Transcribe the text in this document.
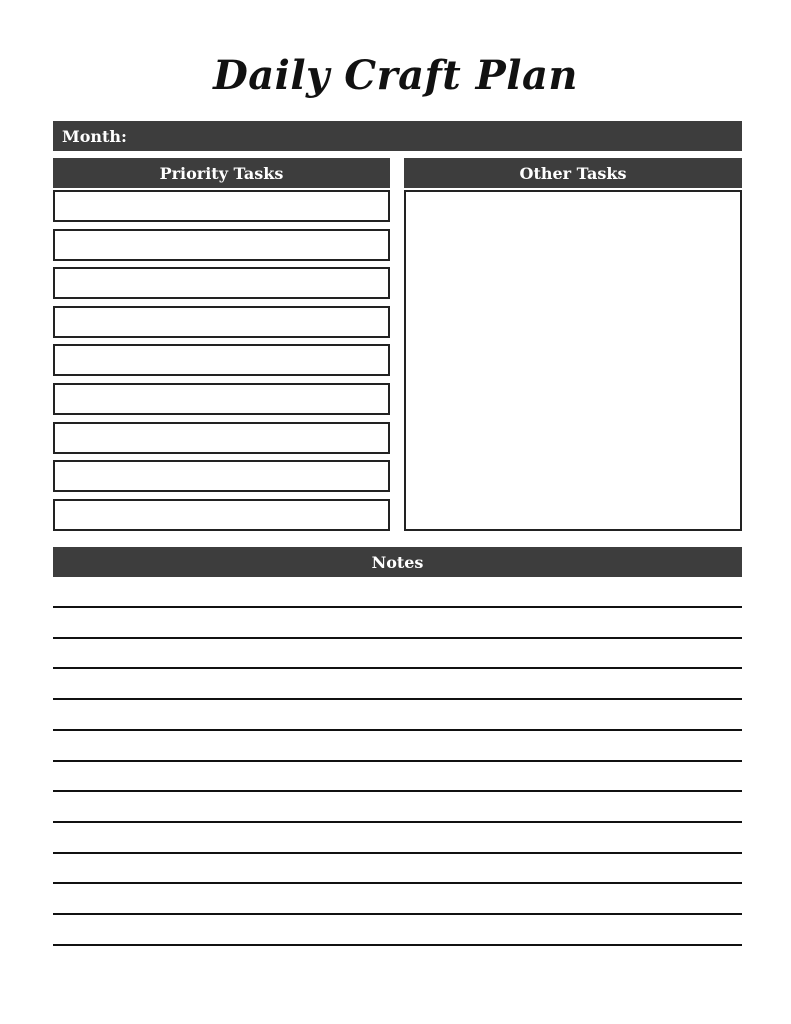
Daily Craft Plan
Month:
Priority Tasks	Other Tasks
Notes
